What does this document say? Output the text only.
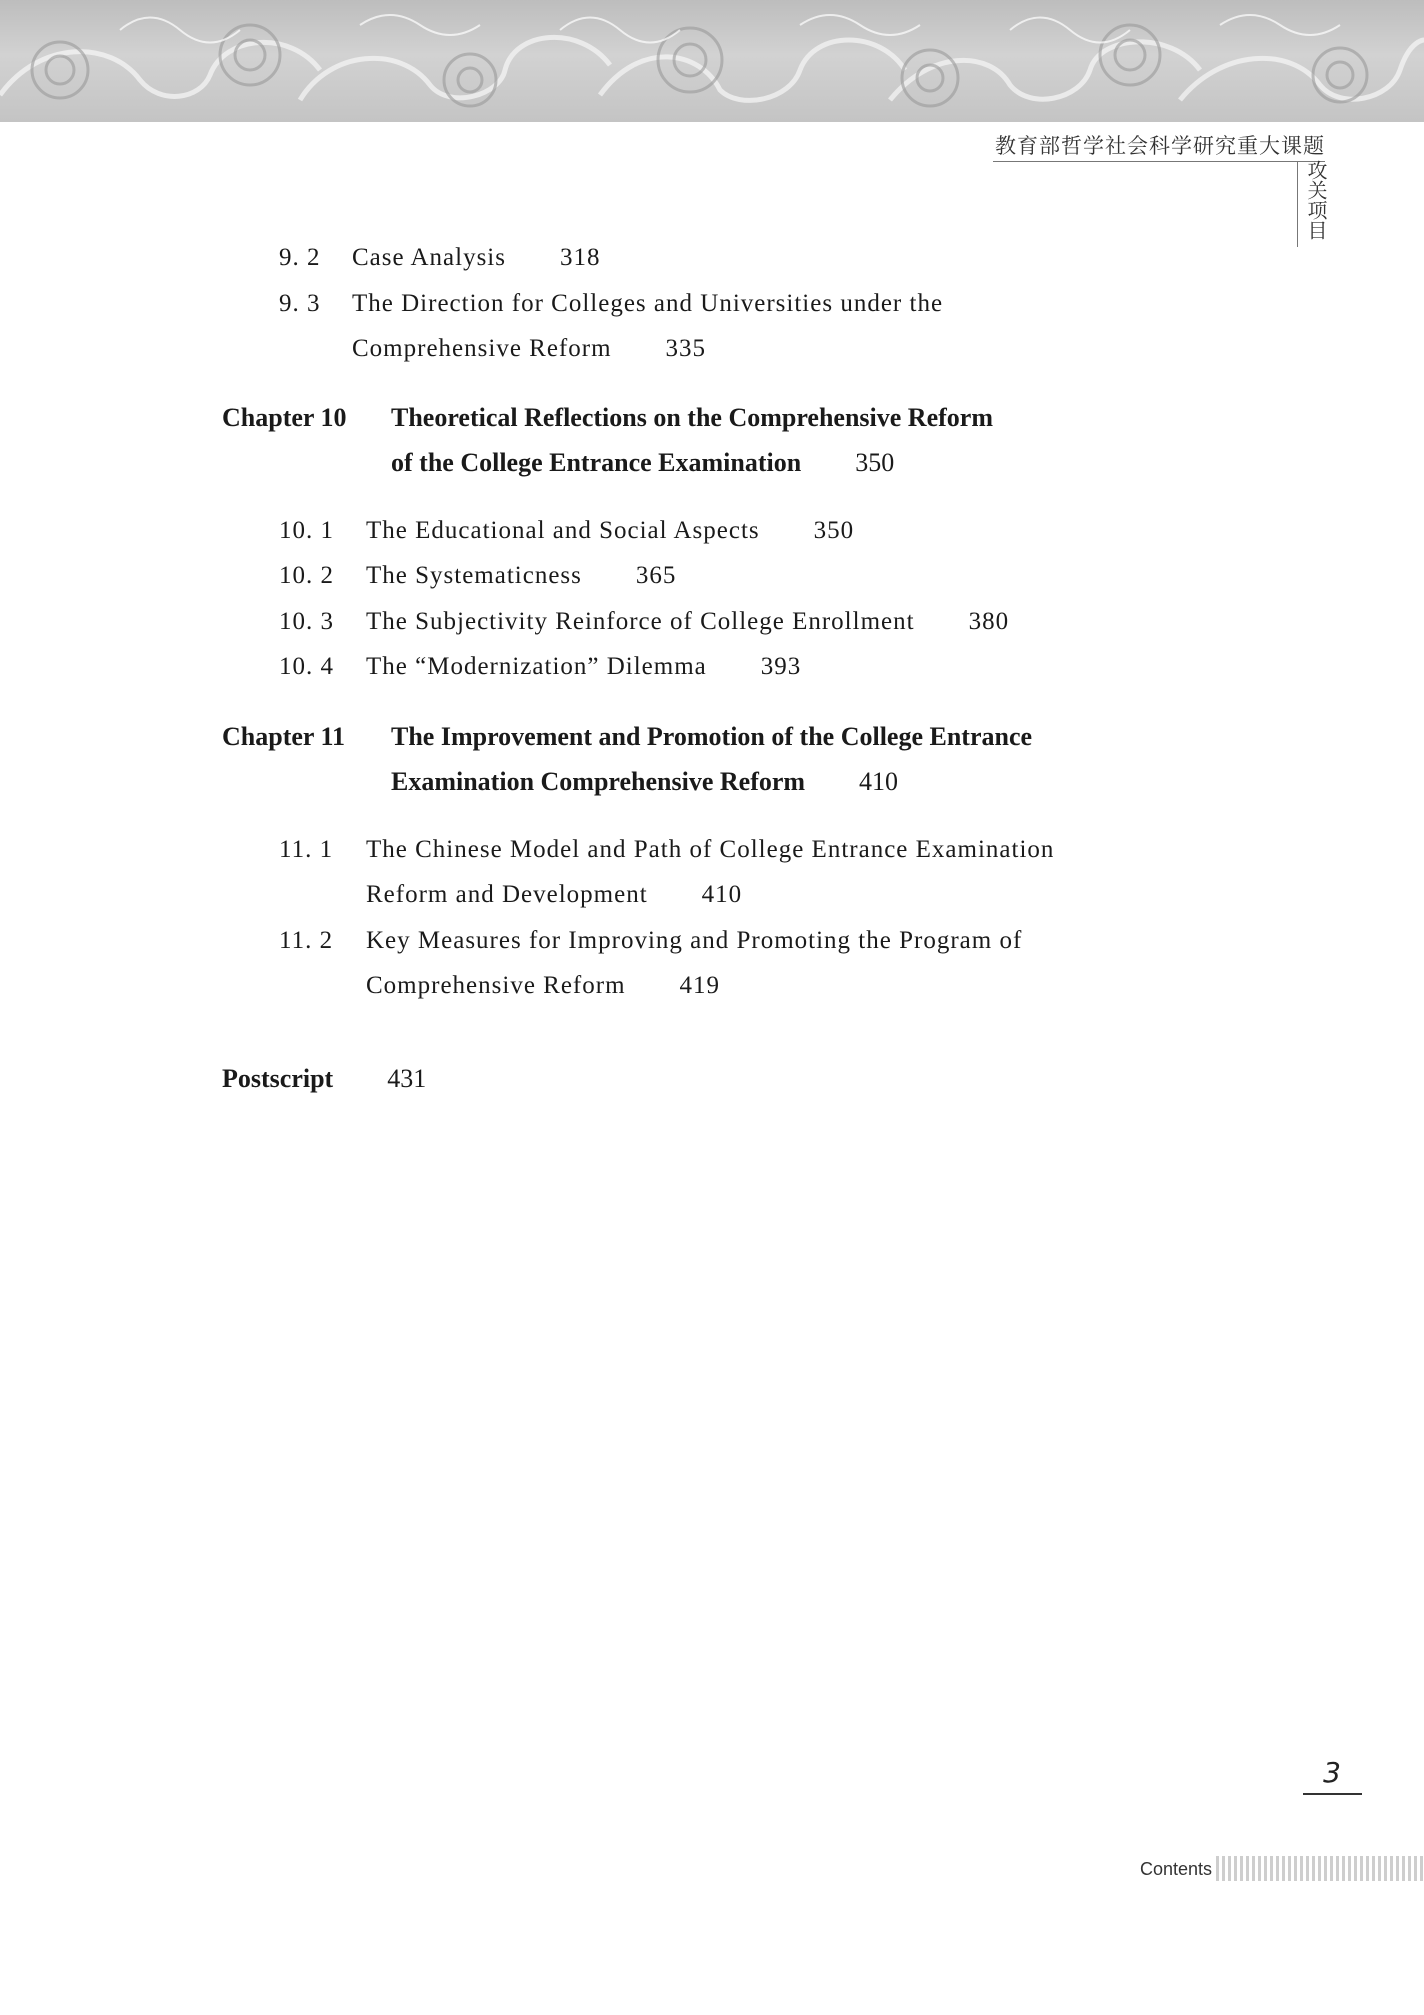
教育部哲学社会科学研究重大课题
攻关项目
9. 2 Case Analysis 318
9. 3 The Direction for Colleges and Universities under the
Comprehensive Reform 335
Chapter 10 Theoretical Reflections on the Comprehensive Reform
of the College Entrance Examination 350
10. 1 The Educational and Social Aspects 350
10. 2 The Systematicness 365
10. 3 The Subjectivity Reinforce of College Enrollment 380
10. 4 The “Modernization” Dilemma 393
Chapter 11 The Improvement and Promotion of the College Entrance
Examination Comprehensive Reform 410
11. 1 The Chinese Model and Path of College Entrance Examination
Reform and Development 410
11. 2 Key Measures for Improving and Promoting the Program of
Comprehensive Reform 419
Postscript 431
3
Contents
